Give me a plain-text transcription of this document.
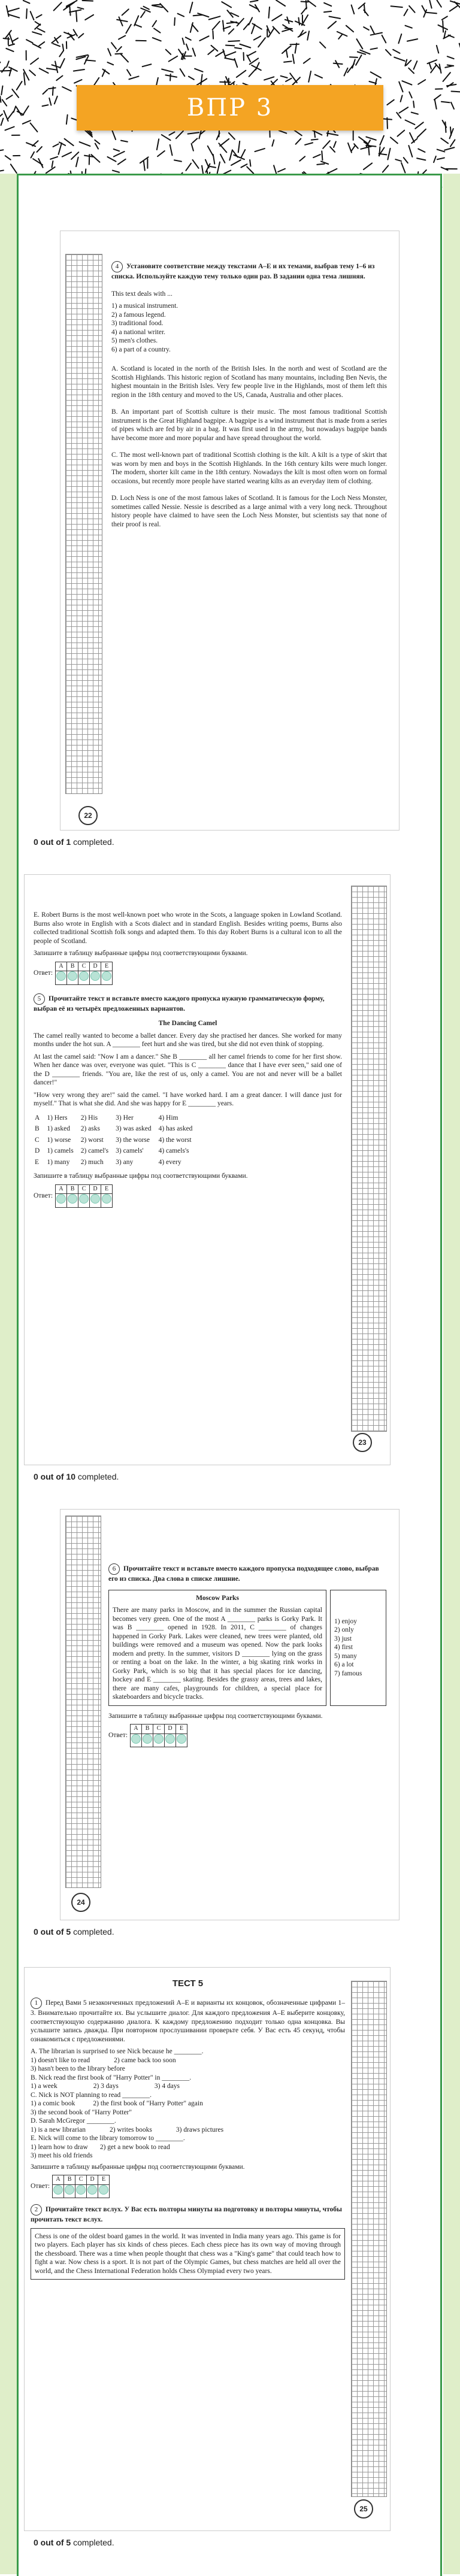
ВПР 3
22

4 Установите соответствие между текстами A–E и их темами, выбрав тему 1–6 из списка. Используйте каждую тему только один раз. В задании одна тема лишняя.

This text deals with ...

1) a musical instrument.
2) a famous legend.
3) traditional food.
4) a national writer.
5) men's clothes.
6) a part of a country.

A. Scotland is located in the north of the British Isles. In the north and west of Scotland are the Scottish Highlands. This historic region of Scotland has many mountains, including Ben Nevis, the highest mountain in the British Isles. Very few people live in the Highlands, most of them left this region in the 18th century and moved to the US, Canada, Australia and other places.

B. An important part of Scottish culture is their music. The most famous traditional Scottish instrument is the Great Highland bagpipe. A bagpipe is a wind instrument that is made from a series of pipes which are fed by air in a bag. It was first used in the army, but nowadays bagpipe bands have become more and more popular and have spread throughout the world.

C. The most well-known part of traditional Scottish clothing is the kilt. A kilt is a type of skirt that was worn by men and boys in the Scottish Highlands. In the 16th century kilts were much longer. The modern, shorter kilt came in the 18th century. Nowadays the kilt is most often worn on formal occasions, but recently more people have started wearing kilts as an everyday item of clothing.

D. Loch Ness is one of the most famous lakes of Scotland. It is famous for the Loch Ness Monster, sometimes called Nessie. Nessie is described as a large animal with a very long neck. Throughout history people have claimed to have seen the Loch Ness Monster, but scientists say that none of their proof is real.

0 out of 1 completed.
23

E. Robert Burns is the most well-known poet who wrote in the Scots, a language spoken in Lowland Scotland. Burns also wrote in English with a Scots dialect and in standard English. Besides writing poems, Burns also collected traditional Scottish folk songs and adapted them. To this day Robert Burns is a cultural icon to all the people of Scotland.

Запишите в таблицу выбранные цифры под соответствующими буквами.

Ответ:
A	B	C	D	E

5 Прочитайте текст и вставьте вместо каждого пропуска нужную грамматическую форму, выбрав её из четырёх предложенных вариантов.

The Dancing Camel

The camel really wanted to become a ballet dancer. Every day she practised her dances. She worked for many months under the hot sun. A ________ feet hurt and she was tired, but she did not even think of stopping.

At last the camel said: "Now I am a dancer." She B ________ all her camel friends to come for her first show. When her dance was over, everyone was quiet. "This is C ________ dance that I have ever seen," said one of the D ________ friends. "You are, like the rest of us, only a camel. You are not and never will be a ballet dancer!"

"How very wrong they are!" said the camel. "I have worked hard. I am a great dancer. I will dance just for myself." That is what she did. And she was happy for E ________ years.

A	1) Hers	2) His	3) Her	4) Him
B	1) asked	2) asks	3) was asked	4) has asked
C	1) worse	2) worst	3) the worse	4) the worst
D	1) camels	2) camel's	3) camels'	4) camels's
E	1) many	2) much	3) any	4) every

Запишите в таблицу выбранные цифры под соответствующими буквами.

Ответ:
A	B	C	D	E

0 out of 10 completed.
24

6 Прочитайте текст и вставьте вместо каждого пропуска подходящее слово, выбрав его из списка. Два слова в списке лишние.

Moscow Parks

There are many parks in Moscow, and in the summer the Russian capital becomes very green. One of the most A ________ parks is Gorky Park. It was B ________ opened in 1928. In 2011, C ________ of changes happened in Gorky Park. Lakes were cleaned, new trees were planted, old buildings were removed and a museum was opened. Now the park looks modern and pretty. In the summer, visitors D ________ lying on the grass or renting a boat on the lake. In the winter, a big skating rink works in Gorky Park, which is so big that it has special places for ice dancing, hockey and E ________ skating. Besides the grassy areas, trees and lakes, there are many cafes, playgrounds for children, a special place for skateboarders and bicycle tracks.

1) enjoy
2) only
3) just
4) first
5) many
6) a lot
7) famous

Запишите в таблицу выбранные цифры под соответствующими буквами.

Ответ:
A	B	C	D	E

0 out of 5 completed.
25
ТЕСТ 5

1 Перед Вами 5 незаконченных предложений A–E и варианты их концовок, обозначенные цифрами 1–3. Внимательно прочитайте их. Вы услышите диалог. Для каждого предложения A–E выберите концовку, соответствующую содержанию диалога. К каждому предложению подходит только одна концовка. Вы услышите запись дважды. При повторном прослушивании проверьте себя. У Вас есть 45 секунд, чтобы ознакомиться с предложениями.

A. The librarian is surprised to see Nick because he ________.
1) doesn't like to read	2) came back too soon
3) hasn't been to the library before
B. Nick read the first book of "Harry Potter" in ________.
1) a week	2) 3 days	3) 4 days
C. Nick is NOT planning to read ________.
1) a comic book	2) the first book of "Harry Potter" again
3) the second book of "Harry Potter"
D. Sarah McGregor ________.
1) is a new librarian	2) writes books	3) draws pictures
E. Nick will come to the library tomorrow to ________.
1) learn how to draw 2) get a new book to read
3) meet his old friends

Запишите в таблицу выбранные цифры под соответствующими буквами.

Ответ:
A	B	C	D	E

2 Прочитайте текст вслух. У Вас есть полторы минуты на подготовку и полторы минуты, чтобы прочитать текст вслух.

Chess is one of the oldest board games in the world. It was invented in India many years ago. This game is for two players. Each player has six kinds of chess pieces. Each chess piece has its own way of moving through the chessboard. There was a time when people thought that chess was a "King's game" that could teach how to fight a war. Now chess is a sport. It is not part of the Olympic Games, but chess matches are held all over the world, and the Chess International Federation holds Chess Olympiad every two years.
0 out of 5 completed.
